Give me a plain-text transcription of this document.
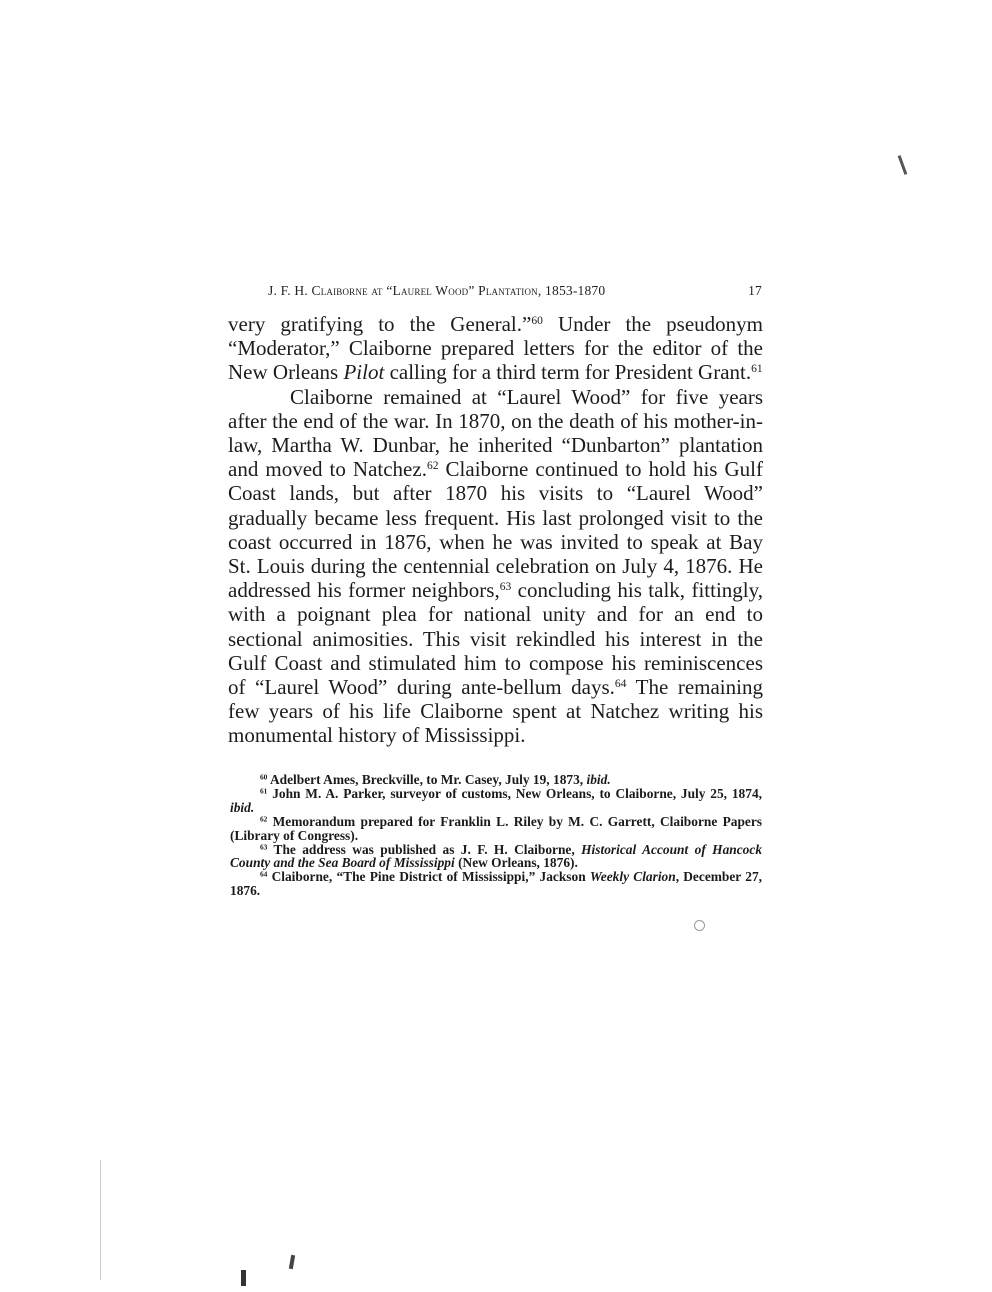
J. F. H. Claiborne at “Laurel Wood” Plantation, 1853-1870	17

very gratifying to the General.”$^{60}$ Under the pseudonym “Moderator,” Claiborne prepared letters for the editor of the New Orleans Pilot calling for a third term for President Grant.$^{61}$

Claiborne remained at “Laurel Wood” for five years after the end of the war. In 1870, on the death of his mother-in-law, Martha W. Dunbar, he inherited “Dunbarton” plantation and moved to Natchez.$^{62}$ Claiborne continued to hold his Gulf Coast lands, but after 1870 his visits to “Laurel Wood” gradually became less frequent. His last prolonged visit to the coast occurred in 1876, when he was invited to speak at Bay St. Louis during the centennial celebration on July 4, 1876. He addressed his former neighbors,$^{63}$ concluding his talk, fittingly, with a poignant plea for national unity and for an end to sectional animosities. This visit rekindled his interest in the Gulf Coast and stimulated him to compose his reminiscences of “Laurel Wood” during ante-bellum days.$^{64}$ The remaining few years of his life Claiborne spent at Natchez writing his monumental history of Mississippi.

$^{60}$ Adelbert Ames, Breckville, to Mr. Casey, July 19, 1873, ibid.

$^{61}$ John M. A. Parker, surveyor of customs, New Orleans, to Claiborne, July 25, 1874, ibid.

$^{62}$ Memorandum prepared for Franklin L. Riley by M. C. Garrett, Claiborne Papers (Library of Congress).

$^{63}$ The address was published as J. F. H. Claiborne, Historical Account of Hancock County and the Sea Board of Mississippi (New Orleans, 1876).

$^{64}$ Claiborne, “The Pine District of Mississippi,” Jackson Weekly Clarion, December 27, 1876.
